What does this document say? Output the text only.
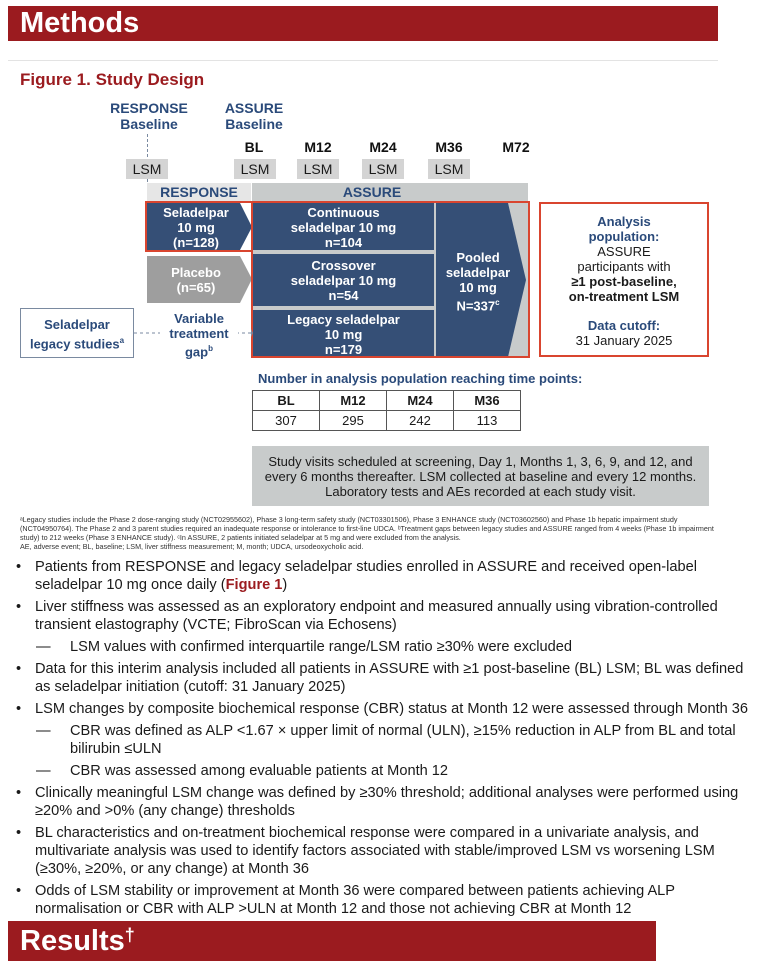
Methods
Figure 1. Study Design
RESPONSE
Baseline
ASSURE
Baseline
BL	M12	M24	M36	M72
LSM	LSM	LSM	LSM	LSM
RESPONSE	ASSURE
Seladelpar
10 mg
(n=128)
Placebo
(n=65)
Continuous
seladelpar 10 mg
n=104
Crossover
seladelpar 10 mg
n=54
Legacy seladelpar
10 mg
n=179
Pooled
seladelpar
10 mg
$N=337^c$
Seladelpar
legacy studies$^a$
Variable
treatment
gap$^b$
Analysis
population:
ASSURE
participants with
≥1 post-baseline,
on-treatment LSM
Data cutoff:
31 January 2025
Number in analysis population reaching time points:
BL	M12	M24	M36
307	295	242	113
Study visits scheduled at screening, Day 1, Months 1, 3, 6, 9, and 12, and every 6 months thereafter. LSM collected at baseline and every 12 months. Laboratory tests and AEs recorded at each study visit.
ᵃLegacy studies include the Phase 2 dose-ranging study (NCT02955602), Phase 3 long-term safety study (NCT03301506), Phase 3 ENHANCE study (NCT03602560) and Phase 1b hepatic impairment study (NCT04950764). The Phase 2 and 3 parent studies required an inadequate response or intolerance to first-line UDCA. ᵇTreatment gaps between legacy studies and ASSURE ranged from 4 weeks (Phase 1b impairment study) to 212 weeks (Phase 3 ENHANCE study). ᶜIn ASSURE, 2 patients initiated seladelpar at 5 mg and were excluded from the analysis.
AE, adverse event; BL, baseline; LSM, liver stiffness measurement; M, month; UDCA, ursodeoxycholic acid.
• Patients from RESPONSE and legacy seladelpar studies enrolled in ASSURE and received open-label seladelpar 10 mg once daily (Figure 1)
• Liver stiffness was assessed as an exploratory endpoint and measured annually using vibration-controlled transient elastography (VCTE; FibroScan via Echosens)
— LSM values with confirmed interquartile range/LSM ratio ≥30% were excluded
• Data for this interim analysis included all patients in ASSURE with ≥1 post-baseline (BL) LSM; BL was defined as seladelpar initiation (cutoff: 31 January 2025)
• LSM changes by composite biochemical response (CBR) status at Month 12 were assessed through Month 36
— CBR was defined as ALP <1.67 × upper limit of normal (ULN), ≥15% reduction in ALP from BL and total bilirubin ≤ULN
— CBR was assessed among evaluable patients at Month 12
• Clinically meaningful LSM change was defined by ≥30% threshold; additional analyses were performed using ≥20% and >0% (any change) thresholds
• BL characteristics and on-treatment biochemical response were compared in a univariate analysis, and multivariate analysis was used to identify factors associated with stable/improved LSM vs worsening LSM (≥30%, ≥20%, or any change) at Month 36
• Odds of LSM stability or improvement at Month 36 were compared between patients achieving ALP normalisation or CBR with ALP >ULN at Month 12 and those not achieving CBR at Month 12
Results†
